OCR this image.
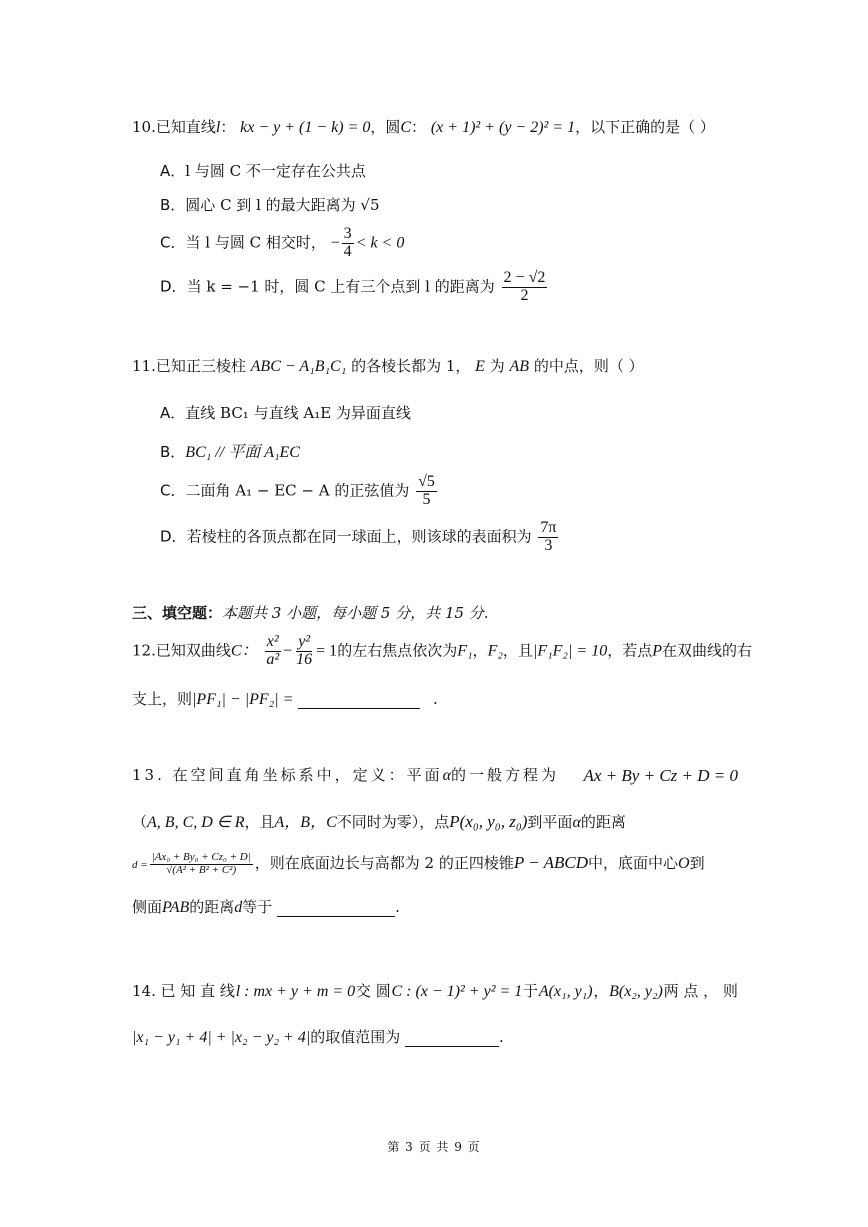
10.已知直线l： kx − y + (1 − k) = 0，圆C： (x + 1)² + (y − 2)² = 1，以下正确的是（ ）
A．l 与圆 C 不一定存在公共点
B．圆心 C 到 l 的最大距离为 √5
C．当 l 与圆 C 相交时， − $\frac{3}{4} < k < 0$
D．当 k = −1 时，圆 C 上有三个点到 l 的距离为 $\frac{2 - √2}{2}$
11.已知正三棱柱 ABC − A₁B₁C₁ 的各棱长都为 1， E 为 AB 的中点，则（ ）
A．直线 BC₁ 与直线 A₁E 为异面直线
B．BC₁ // 平面 A₁EC
C．二面角 A₁ − EC − A 的正弦值为 $\frac{√5}{5}$
D．若棱柱的各顶点都在同一球面上，则该球的表面积为 $\frac{7\pi}{3}$
三、填空题：本题共 3 小题，每小题 5 分，共 15 分.
12.已知双曲线C： $\frac{\text{x²}}{\text{a²}} - \frac{\text{y²}}{16} = 1$的左右焦点依次为F₁，F₂，且|F₁F₂| = 10，若点P在双曲线的右
支上，则|PF₁| − |PF₂| =	.
13. 在空间直角坐标系中，定义：平面α的一般方程为 Ax + By + Cz + D = 0
（A, B, C, D ∈ R，且A，B，C不同时为零），点P(x₀, y₀, z₀)到平面α的距离
$d = \frac{\text{|Ax₀ + By₀ + Cz₀ + D|}}{\text{√(A² + B² + C²)}}$ ，则在底面边长与高都为 2 的正四棱锥P − ABCD中，底面中心O到
侧面PAB的距离d等于	.
14. 已 知 直 线 l : mx + y + m = 0 交 圆 C : (x − 1)² + y² = 1 于 A(x₁, y₁) ， B(x₂, y₂) 两 点 ， 则
|x₁ − y₁ + 4| + |x₂ − y₂ + 4|的取值范围为	.
第 3 页 共 9 页
